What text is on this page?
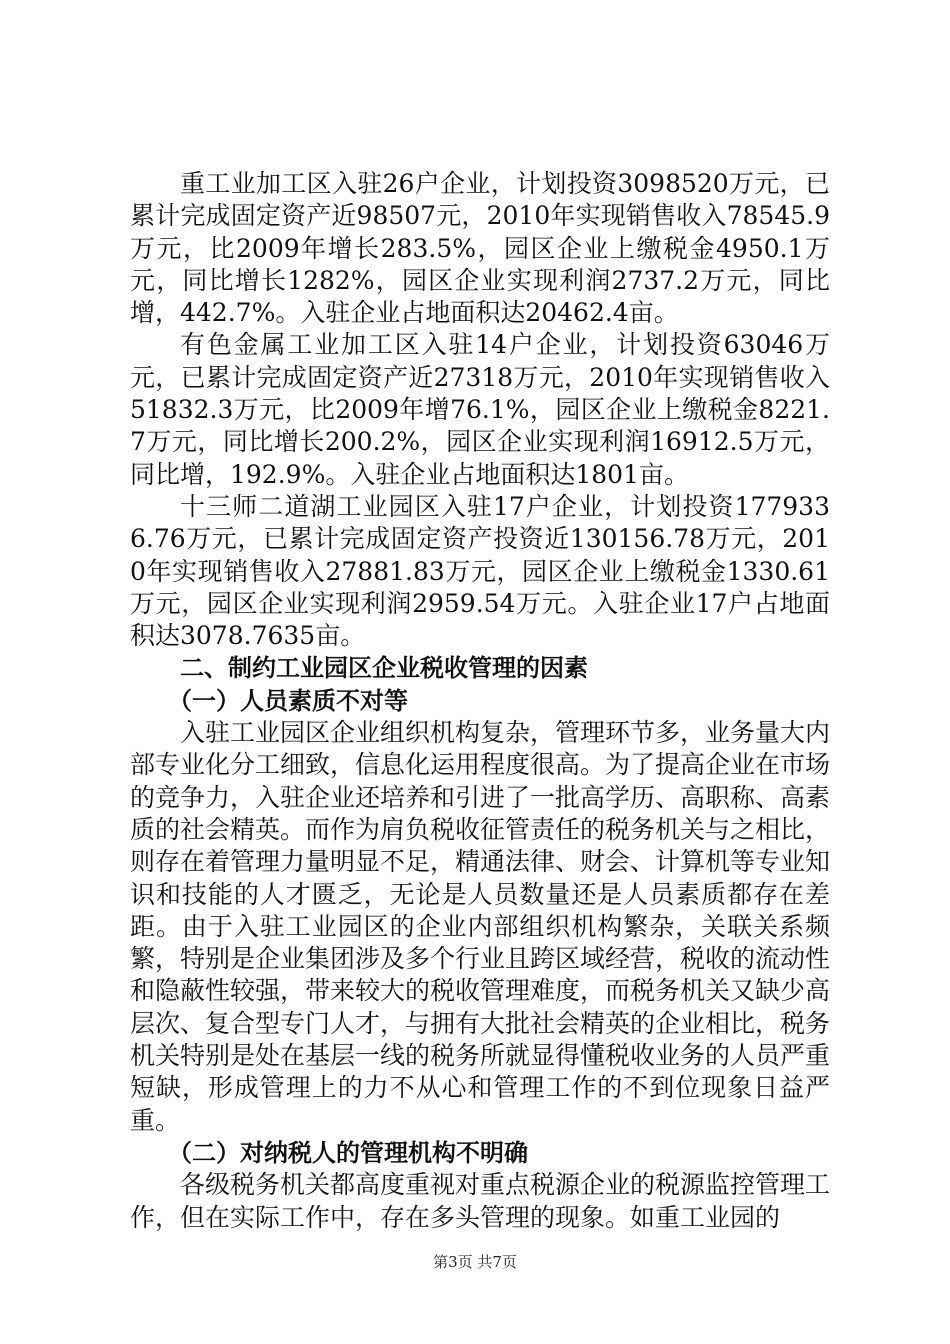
重工业加工区入驻26户企业，计划投资3098520万元，已累计完成固定资产近98507元，2010年实现销售收入78545.9万元，比2009年增长283.5%，园区企业上缴税金4950.1万元，同比增长1282%，园区企业实现利润2737.2万元，同比增，442.7%。入驻企业占地面积达20462.4亩。

有色金属工业加工区入驻14户企业，计划投资63046万元，已累计完成固定资产近27318万元，2010年实现销售收入51832.3万元，比2009年增76.1%，园区企业上缴税金8221.7万元，同比增长200.2%，园区企业实现利润16912.5万元，同比增，192.9%。入驻企业占地面积达1801亩。

十三师二道湖工业园区入驻17户企业，计划投资1779336.76万元，已累计完成固定资产投资近130156.78万元，2010年实现销售收入27881.83万元，园区企业上缴税金1330.61万元，园区企业实现利润2959.54万元。入驻企业17户占地面积达3078.7635亩。

二、制约工业园区企业税收管理的因素

（一）人员素质不对等

入驻工业园区企业组织机构复杂，管理环节多，业务量大内部专业化分工细致，信息化运用程度很高。为了提高企业在市场的竞争力，入驻企业还培养和引进了一批高学历、高职称、高素质的社会精英。而作为肩负税收征管责任的税务机关与之相比，则存在着管理力量明显不足，精通法律、财会、计算机等专业知识和技能的人才匮乏，无论是人员数量还是人员素质都存在差距。由于入驻工业园区的企业内部组织机构繁杂，关联关系频繁，特别是企业集团涉及多个行业且跨区域经营，税收的流动性和隐蔽性较强，带来较大的税收管理难度，而税务机关又缺少高层次、复合型专门人才，与拥有大批社会精英的企业相比，税务机关特别是处在基层一线的税务所就显得懂税收业务的人员严重短缺，形成管理上的力不从心和管理工作的不到位现象日益严重。

（二）对纳税人的管理机构不明确

各级税务机关都高度重视对重点税源企业的税源监控管理工作，但在实际工作中，存在多头管理的现象。如重工业园的

第3页 共7页
